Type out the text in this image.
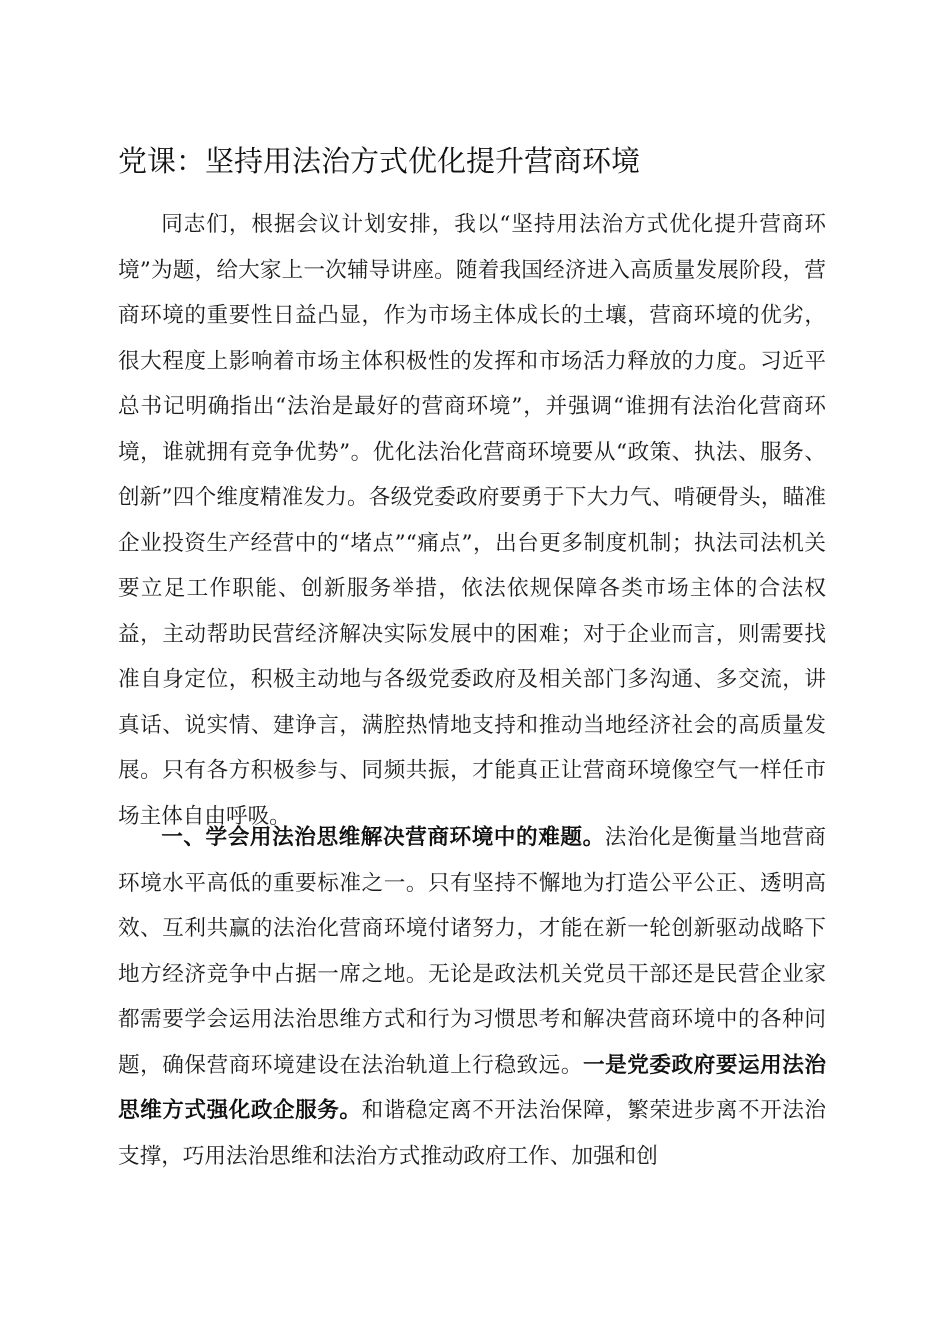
党课：坚持用法治方式优化提升营商环境

同志们，根据会议计划安排，我以“坚持用法治方式优化提升营商环境”为题，给大家上一次辅导讲座。随着我国经济进入高质量发展阶段，营商环境的重要性日益凸显，作为市场主体成长的土壤，营商环境的优劣，很大程度上影响着市场主体积极性的发挥和市场活力释放的力度。习近平总书记明确指出“法治是最好的营商环境”，并强调“谁拥有法治化营商环境，谁就拥有竞争优势”。优化法治化营商环境要从“政策、执法、服务、创新”四个维度精准发力。各级党委政府要勇于下大力气、啃硬骨头，瞄准企业投资生产经营中的“堵点”“痛点”，出台更多制度机制；执法司法机关要立足工作职能、创新服务举措，依法依规保障各类市场主体的合法权益，主动帮助民营经济解决实际发展中的困难；对于企业而言，则需要找准自身定位，积极主动地与各级党委政府及相关部门多沟通、多交流，讲真话、说实情、建诤言，满腔热情地支持和推动当地经济社会的高质量发展。只有各方积极参与、同频共振，才能真正让营商环境像空气一样任市场主体自由呼吸。

一、学会用法治思维解决营商环境中的难题。法治化是衡量当地营商环境水平高低的重要标准之一。只有坚持不懈地为打造公平公正、透明高效、互利共赢的法治化营商环境付诸努力，才能在新一轮创新驱动战略下地方经济竞争中占据一席之地。无论是政法机关党员干部还是民营企业家都需要学会运用法治思维方式和行为习惯思考和解决营商环境中的各种问题，确保营商环境建设在法治轨道上行稳致远。一是党委政府要运用法治思维方式强化政企服务。和谐稳定离不开法治保障，繁荣进步离不开法治支撑，巧用法治思维和法治方式推动政府工作、加强和创
